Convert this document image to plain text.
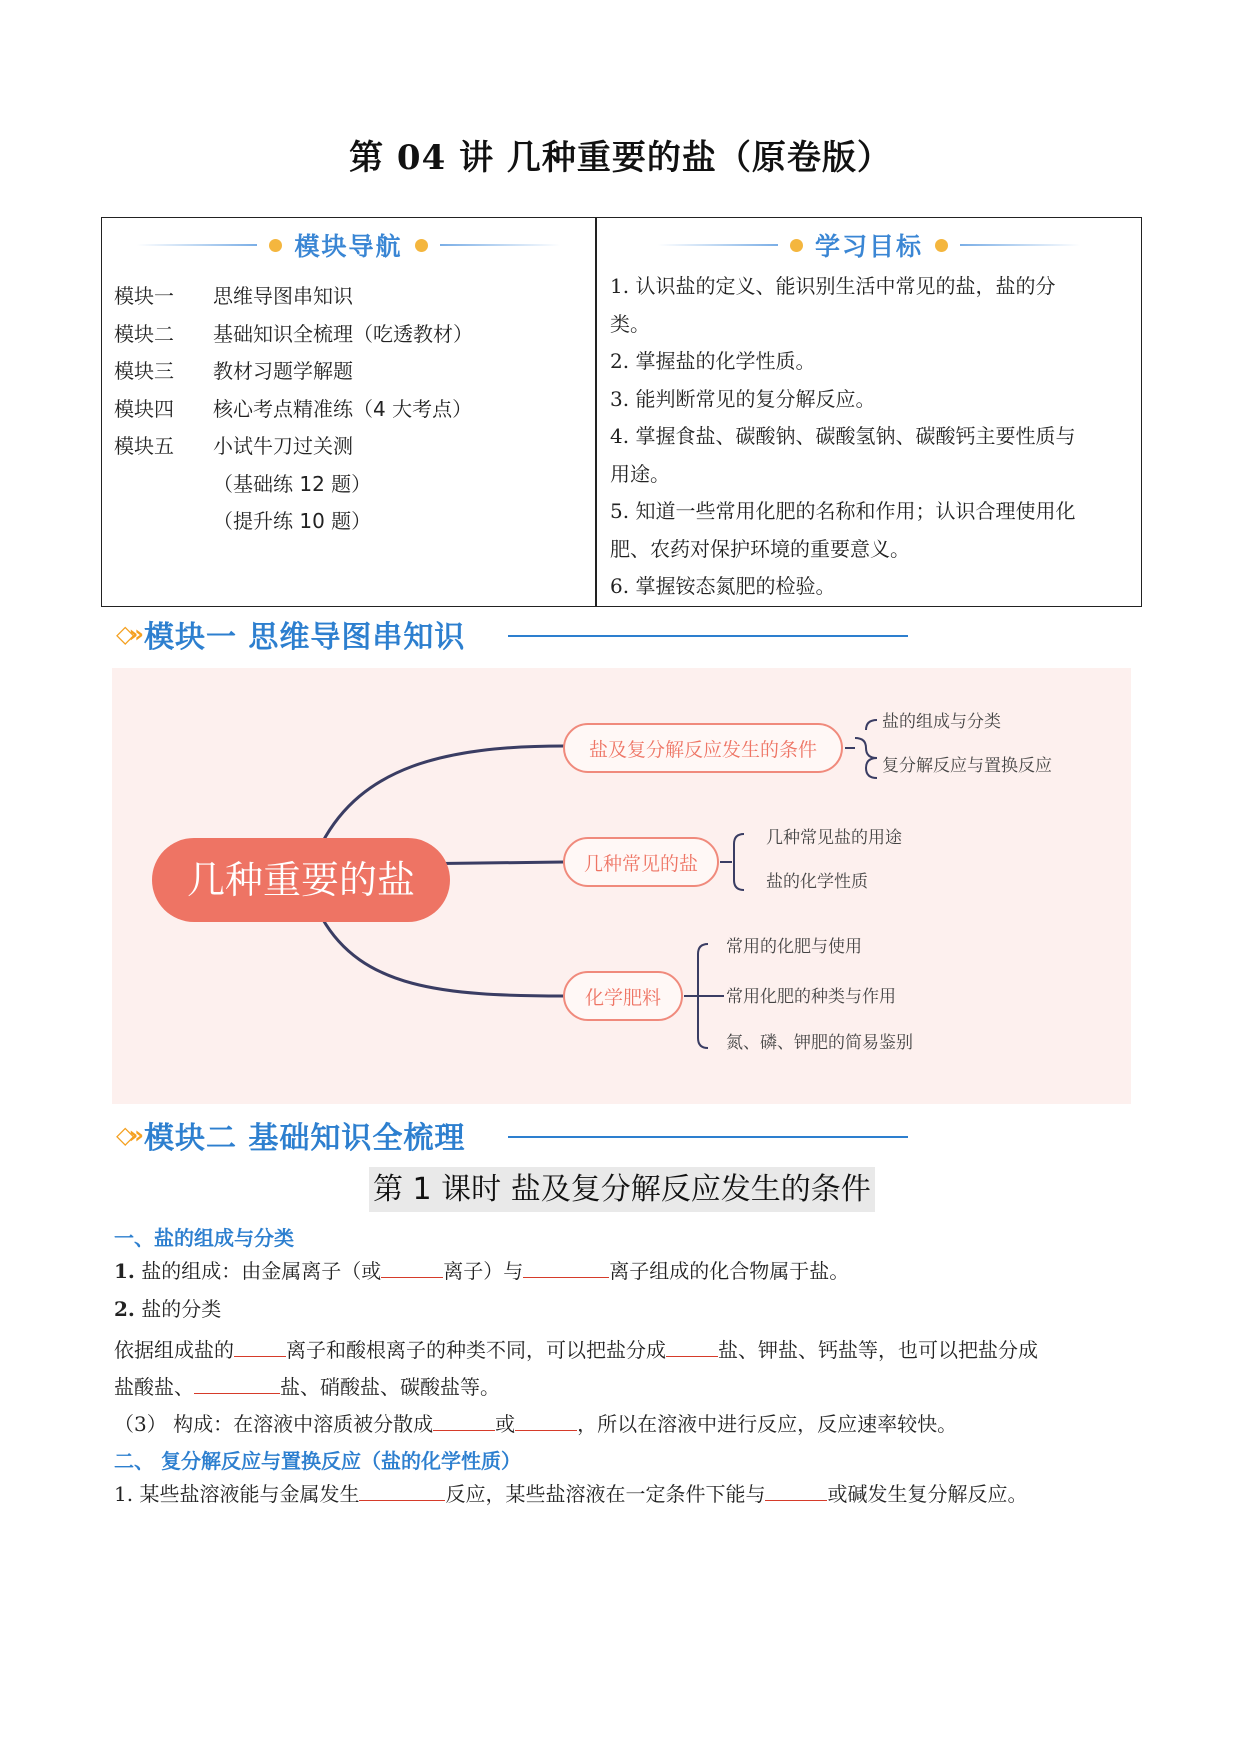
第 04 讲 几种重要的盐（原卷版）
模块导航	学习目标
模块一	思维导图串知识
模块二	基础知识全梳理（吃透教材）
模块三	教材习题学解题
模块四	核心考点精准练（4 大考点）
模块五	小试牛刀过关测
（基础练 12 题）
（提升练 10 题）
1. 认识盐的定义、能识别生活中常见的盐，盐的分
类。
2. 掌握盐的化学性质。
3. 能判断常见的复分解反应。
4. 掌握食盐、碳酸钠、碳酸氢钠、碳酸钙主要性质与
用途。
5. 知道一些常用化肥的名称和作用；认识合理使用化
肥、农药对保护环境的重要意义。
6. 掌握铵态氮肥的检验。
◇» 模块一 思维导图串知识
几种重要的盐
盐及复分解反应发生的条件
盐的组成与分类
复分解反应与置换反应
几种常见的盐
几种常见盐的用途
盐的化学性质
化学肥料
常用的化肥与使用
常用化肥的种类与作用
氮、磷、钾肥的简易鉴别
◇» 模块二 基础知识全梳理
第 1 课时 盐及复分解反应发生的条件
一、盐的组成与分类
1. 盐的组成：由金属离子（或	离子）与	离子组成的化合物属于盐。
2. 盐的分类
依据组成盐的	离子和酸根离子的种类不同，可以把盐分成	盐、钾盐、钙盐等，也可以把盐分成
盐酸盐、	盐、硝酸盐、碳酸盐等。
（3） 构成：在溶液中溶质被分散成	或	，所以在溶液中进行反应，反应速率较快。
二、 复分解反应与置换反应（盐的化学性质）
1. 某些盐溶液能与金属发生	反应，某些盐溶液在一定条件下能与	或碱发生复分解反应。
